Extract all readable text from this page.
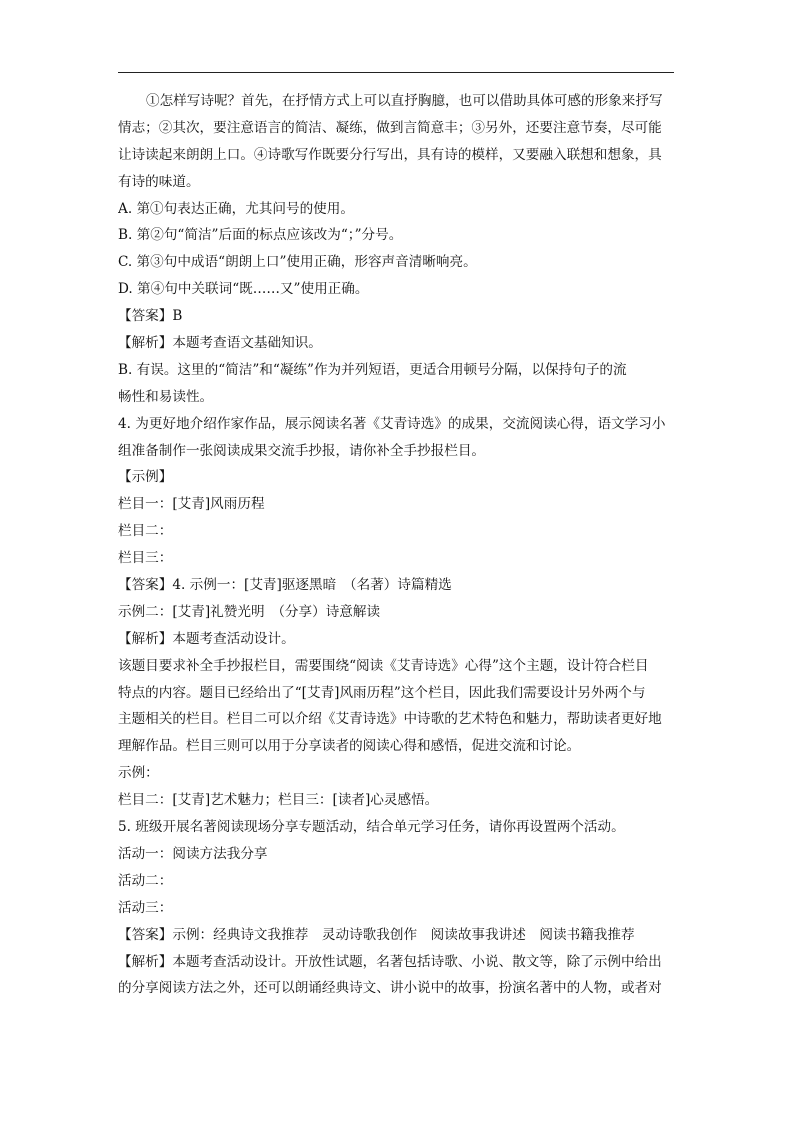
①怎样写诗呢？首先，在抒情方式上可以直抒胸臆，也可以借助具体可感的形象来抒写
情志；②其次，要注意语言的简洁、凝练，做到言简意丰；③另外，还要注意节奏，尽可能
让诗读起来朗朗上口。④诗歌写作既要分行写出，具有诗的模样，又要融入联想和想象，具
有诗的味道。
A. 第①句表达正确，尤其问号的使用。
B. 第②句“简洁”后面的标点应该改为“；”分号。
C. 第③句中成语“朗朗上口”使用正确，形容声音清晰响亮。
D. 第④句中关联词“既……又”使用正确。
【答案】B
【解析】本题考查语文基础知识。
B. 有误。这里的“简洁”和“凝练”作为并列短语，更适合用顿号分隔，以保持句子的流
畅性和易读性。
4. 为更好地介绍作家作品，展示阅读名著《艾青诗选》的成果，交流阅读心得，语文学习小
组准备制作一张阅读成果交流手抄报，请你补全手抄报栏目。
【示例】
栏目一：[艾青]风雨历程
栏目二：
栏目三：
【答案】4. 示例一：[艾青]驱逐黑暗　（名著）诗篇精选
示例二：[艾青]礼赞光明　（分享）诗意解读
【解析】本题考查活动设计。
该题目要求补全手抄报栏目，需要围绕“阅读《艾青诗选》心得”这个主题，设计符合栏目
特点的内容。题目已经给出了“[艾青]风雨历程”这个栏目，因此我们需要设计另外两个与
主题相关的栏目。栏目二可以介绍《艾青诗选》中诗歌的艺术特色和魅力，帮助读者更好地
理解作品。栏目三则可以用于分享读者的阅读心得和感悟，促进交流和讨论。
示例：
栏目二：[艾青]艺术魅力；栏目三：[读者]心灵感悟。
5. 班级开展名著阅读现场分享专题活动，结合单元学习任务，请你再设置两个活动。
活动一：阅读方法我分享
活动二：
活动三：
【答案】示例：经典诗文我推荐　灵动诗歌我创作　阅读故事我讲述　阅读书籍我推荐
【解析】本题考查活动设计。开放性试题，名著包括诗歌、小说、散文等，除了示例中给出
的分享阅读方法之外，还可以朗诵经典诗文、讲小说中的故事，扮演名著中的人物，或者对
